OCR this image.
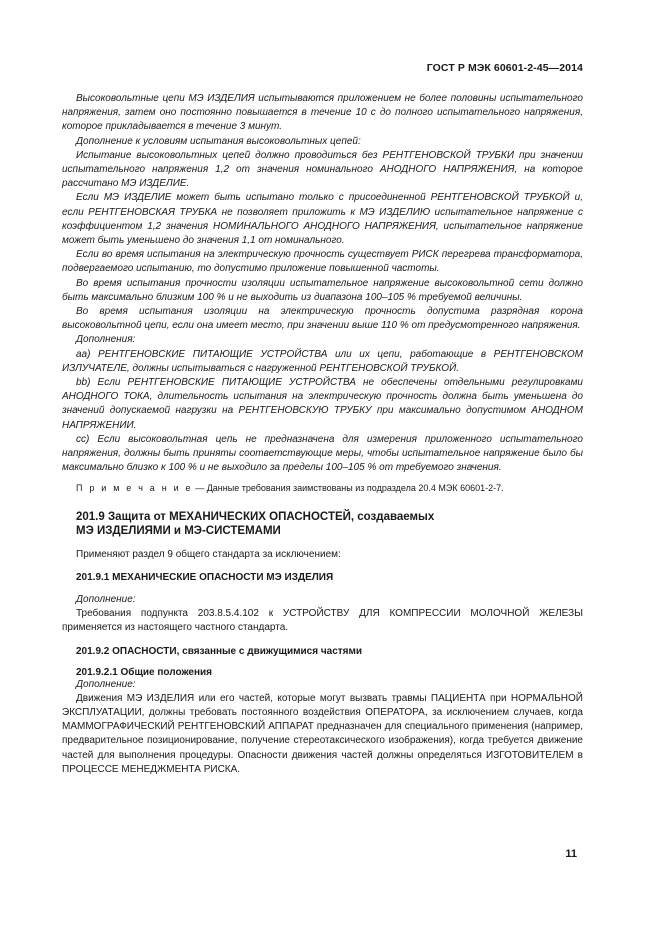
ГОСТ Р МЭК 60601-2-45—2014

Высоковольтные цепи МЭ ИЗДЕЛИЯ испытываются приложением не более половины испытательного напряжения, затем оно постоянно повышается в течение 10 с до полного испытательного напряжения, которое прикладывается в течение 3 минут.

Дополнение к условиям испытания высоковольтных цепей:

Испытание высоковольтных цепей должно проводиться без РЕНТГЕНОВСКОЙ ТРУБКИ при значении испытательного напряжения 1,2 от значения номинального АНОДНОГО НАПРЯЖЕНИЯ, на которое рассчитано МЭ ИЗДЕЛИЕ.

Если МЭ ИЗДЕЛИЕ может быть испытано только с присоединенной РЕНТГЕНОВСКОЙ ТРУБКОЙ и, если РЕНТГЕНОВСКАЯ ТРУБКА не позволяет приложить к МЭ ИЗДЕЛИЮ испытательное напряжение с коэффициентом 1,2 значения НОМИНАЛЬНОГО АНОДНОГО НАПРЯЖЕНИЯ, испытательное напряжение может быть уменьшено до значения 1,1 от номинального.

Если во время испытания на электрическую прочность существует РИСК перегрева трансформатора, подвергаемого испытанию, то допустимо приложение повышенной частоты.

Во время испытания прочности изоляции испытательное напряжение высоковольтной сети должно быть максимально близким 100 % и не выходить из диапазона 100–105 % требуемой величины.

Во время испытания изоляции на электрическую прочность допустима разрядная корона высоковольтной цепи, если она имеет место, при значении выше 110 % от предусмотренного напряжения.

Дополнения:

аа) РЕНТГЕНОВСКИЕ ПИТАЮЩИЕ УСТРОЙСТВА или их цепи, работающие в РЕНТГЕНОВСКОМ ИЗЛУЧАТЕЛЕ, должны испытываться с нагруженной РЕНТГЕНОВСКОЙ ТРУБКОЙ.

bb) Если РЕНТГЕНОВСКИЕ ПИТАЮЩИЕ УСТРОЙСТВА не обеспечены отдельными регулировками АНОДНОГО ТОКА, длительность испытания на электрическую прочность должна быть уменьшена до значений допускаемой нагрузки на РЕНТГЕНОВСКУЮ ТРУБКУ при максимально допустимом АНОДНОМ НАПРЯЖЕНИИ.

сс) Если высоковольтная цепь не предназначена для измерения приложенного испытательного напряжения, должны быть приняты соответствующие меры, чтобы испытательное напряжение было бы максимально близко к 100 % и не выходило за пределы 100–105 % от требуемого значения.

П р и м е ч а н и е — Данные требования заимствованы из подраздела 20.4 МЭК 60601-2-7.

201.9 Защита от МЕХАНИЧЕСКИХ ОПАСНОСТЕЙ, создаваемых
МЭ ИЗДЕЛИЯМИ и МЭ-СИСТЕМАМИ

Применяют раздел 9 общего стандарта за исключением:

201.9.1 МЕХАНИЧЕСКИЕ ОПАСНОСТИ МЭ ИЗДЕЛИЯ

Дополнение:

Требования подпункта 203.8.5.4.102 к УСТРОЙСТВУ ДЛЯ КОМПРЕССИИ МОЛОЧНОЙ ЖЕЛЕЗЫ применяется из настоящего частного стандарта.

201.9.2 ОПАСНОСТИ, связанные с движущимися частями
201.9.2.1 Общие положения

Дополнение:

Движения МЭ ИЗДЕЛИЯ или его частей, которые могут вызвать травмы ПАЦИЕНТА при НОРМАЛЬНОЙ ЭКСПЛУАТАЦИИ, должны требовать постоянного воздействия ОПЕРАТОРА, за исключением случаев, когда МАММОГРАФИЧЕСКИЙ РЕНТГЕНОВСКИЙ АППАРАТ предназначен для специального применения (например, предварительное позиционирование, получение стереотаксического изображения), когда требуется движение частей для выполнения процедуры. Опасности движения частей должны определяться ИЗГОТОВИТЕЛЕМ в ПРОЦЕССЕ МЕНЕДЖМЕНТА РИСКА.

11
